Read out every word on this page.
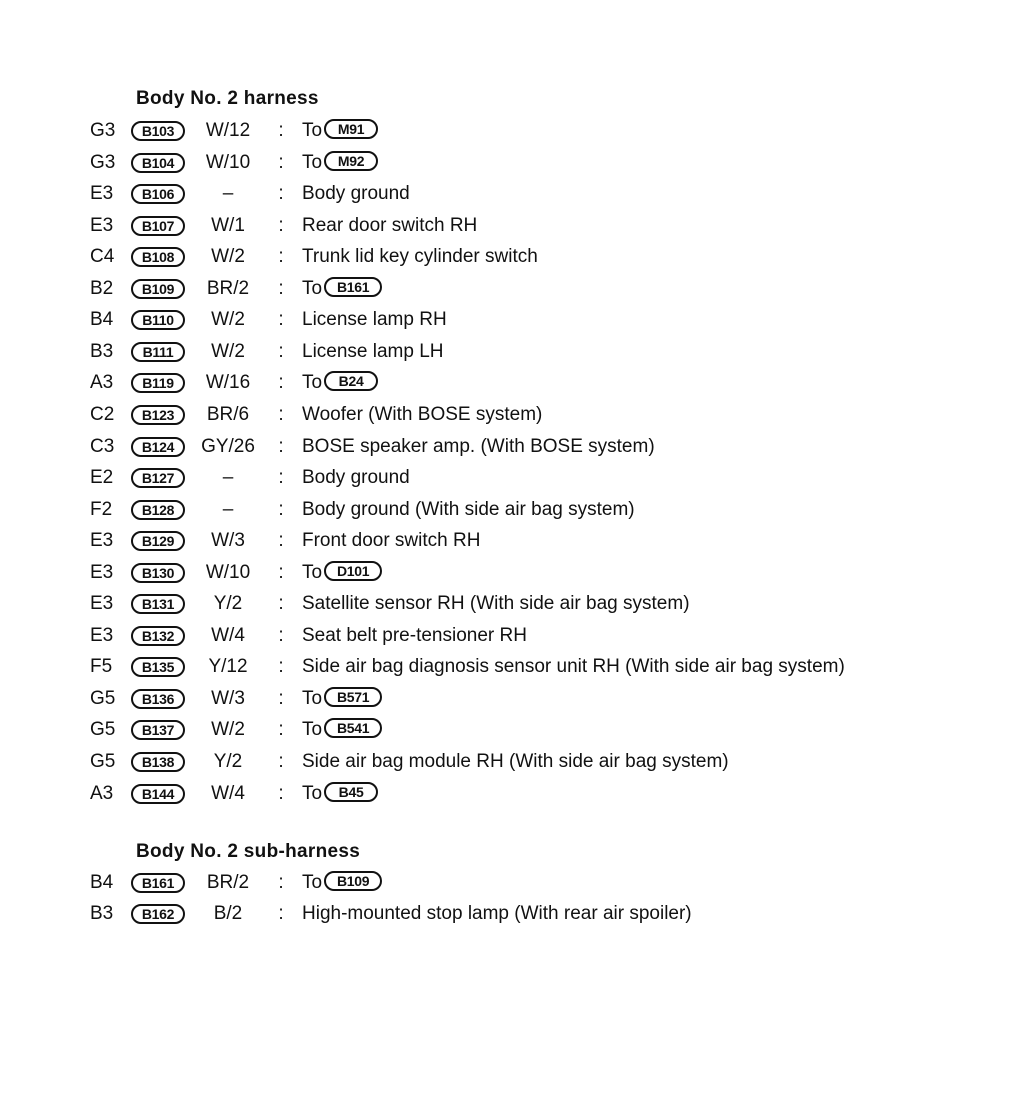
Body No. 2 harness
G3	B103	W/12	: To M91
G3	B104	W/10	: To M92
E3	B106	–	: Body ground
E3	B107	W/1	: Rear door switch RH
C4	B108	W/2	: Trunk lid key cylinder switch
B2	B109	BR/2	: To B161
B4	B110	W/2	: License lamp RH
B3	B111	W/2	: License lamp LH
A3	B119	W/16	: To B24
C2	B123	BR/6	: Woofer (With BOSE system)
C3	B124	GY/26	: BOSE speaker amp. (With BOSE system)
E2	B127	–	: Body ground
F2	B128	–	: Body ground (With side air bag system)
E3	B129	W/3	: Front door switch RH
E3	B130	W/10	: To D101
E3	B131	Y/2	: Satellite sensor RH (With side air bag system)
E3	B132	W/4	: Seat belt pre-tensioner RH
F5	B135	Y/12	: Side air bag diagnosis sensor unit RH (With side air bag system)
G5	B136	W/3	: To B571
G5	B137	W/2	: To B541
G5	B138	Y/2	: Side air bag module RH (With side air bag system)
A3	B144	W/4	: To B45
Body No. 2 sub-harness
B4	B161	BR/2	: To B109
B3	B162	B/2	: High-mounted stop lamp (With rear air spoiler)
